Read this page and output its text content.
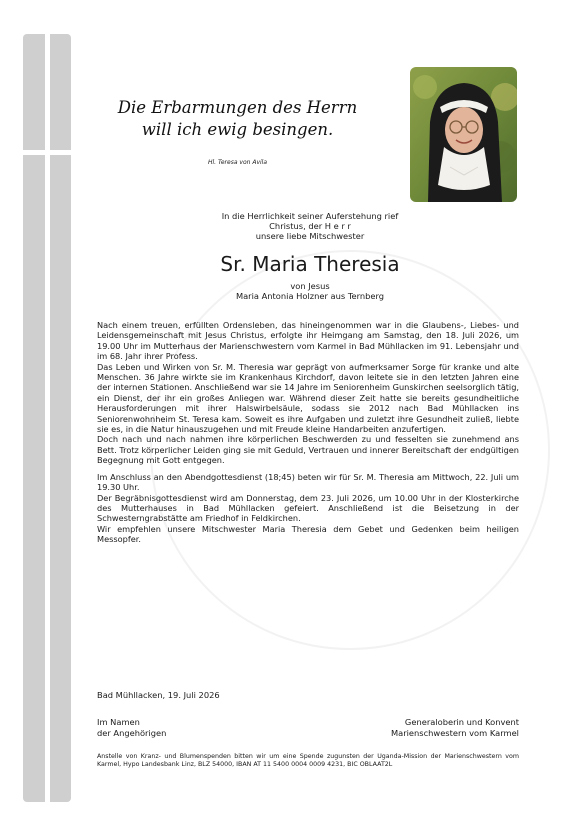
Die Erbarmungen des Herrn
will ich ewig besingen.
Hl. Teresa von Avila
In die Herrlichkeit seiner Auferstehung rief
Christus, der H e r r
unsere liebe Mitschwester
Sr. Maria Theresia
von Jesus
Maria Antonia Holzner aus Ternberg

Nach einem treuen, erfüllten Ordensleben, das hineingenommen war in die Glaubens-, Liebes- und Leidensgemeinschaft mit Jesus Christus, erfolgte ihr Heimgang am Samstag, den 18. Juli 2026, um 19.00 Uhr im Mutterhaus der Marienschwestern vom Karmel in Bad Mühllacken im 91. Lebensjahr und im 68. Jahr ihrer Profess.

Das Leben und Wirken von Sr. M. Theresia war geprägt von aufmerksamer Sorge für kranke und alte Menschen. 36 Jahre wirkte sie im Krankenhaus Kirchdorf, davon leitete sie in den letzten Jahren eine der internen Stationen. Anschließend war sie 14 Jahre im Seniorenheim Gunskirchen seelsorglich tätig, ein Dienst, der ihr ein großes Anliegen war. Während dieser Zeit hatte sie bereits gesundheitliche Herausforderungen mit ihrer Halswirbelsäule, sodass sie 2012 nach Bad Mühllacken ins Seniorenwohnheim St. Teresa kam. Soweit es ihre Aufgaben und zuletzt ihre Gesundheit zuließ, liebte sie es, in die Natur hinauszugehen und mit Freude kleine Handarbeiten anzufertigen.

Doch nach und nach nahmen ihre körperlichen Beschwerden zu und fesselten sie zunehmend ans Bett. Trotz körperlicher Leiden ging sie mit Geduld, Vertrauen und innerer Bereitschaft der endgültigen Begegnung mit Gott entgegen.

Im Anschluss an den Abendgottesdienst (18;45) beten wir für Sr. M. Theresia am Mittwoch, 22. Juli um 19.30 Uhr.

Der Begräbnisgottesdienst wird am Donnerstag, dem 23. Juli 2026, um 10.00 Uhr in der Klosterkirche des Mutterhauses in Bad Mühllacken gefeiert. Anschließend ist die Beisetzung in der Schwesterngrabstätte am Friedhof in Feldkirchen.

Wir empfehlen unsere Mitschwester Maria Theresia dem Gebet und Gedenken beim heiligen Messopfer.

Bad Mühllacken, 19. Juli 2026
Im Namen
der Angehörigen
Generaloberin und Konvent
Marienschwestern vom Karmel
Anstelle von Kranz- und Blumenspenden bitten wir um eine Spende zugunsten der Uganda-Mission der Marienschwestern vom Karmel, Hypo Landesbank Linz, BLZ 54000, IBAN AT 11 5400 0004 0009 4231, BIC OBLAAT2L
